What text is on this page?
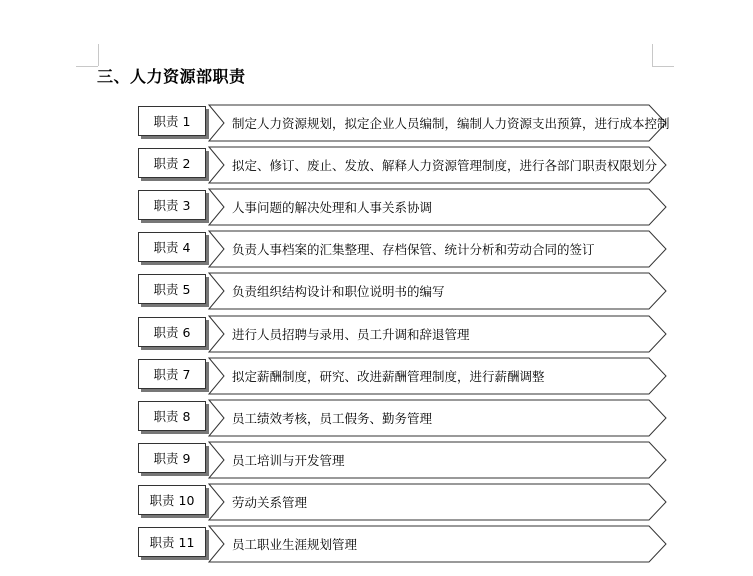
三、人力资源部职责
职责 1	制定人力资源规划，拟定企业人员编制，编制人力资源支出预算，进行成本控制
职责 2	拟定、修订、废止、发放、解释人力资源管理制度，进行各部门职责权限划分
职责 3	人事问题的解决处理和人事关系协调
职责 4	负责人事档案的汇集整理、存档保管、统计分析和劳动合同的签订
职责 5	负责组织结构设计和职位说明书的编写
职责 6	进行人员招聘与录用、员工升调和辞退管理
职责 7	拟定薪酬制度，研究、改进薪酬管理制度，进行薪酬调整
职责 8	员工绩效考核，员工假务、勤务管理
职责 9	员工培训与开发管理
职责 10	劳动关系管理
职责 11	员工职业生涯规划管理
